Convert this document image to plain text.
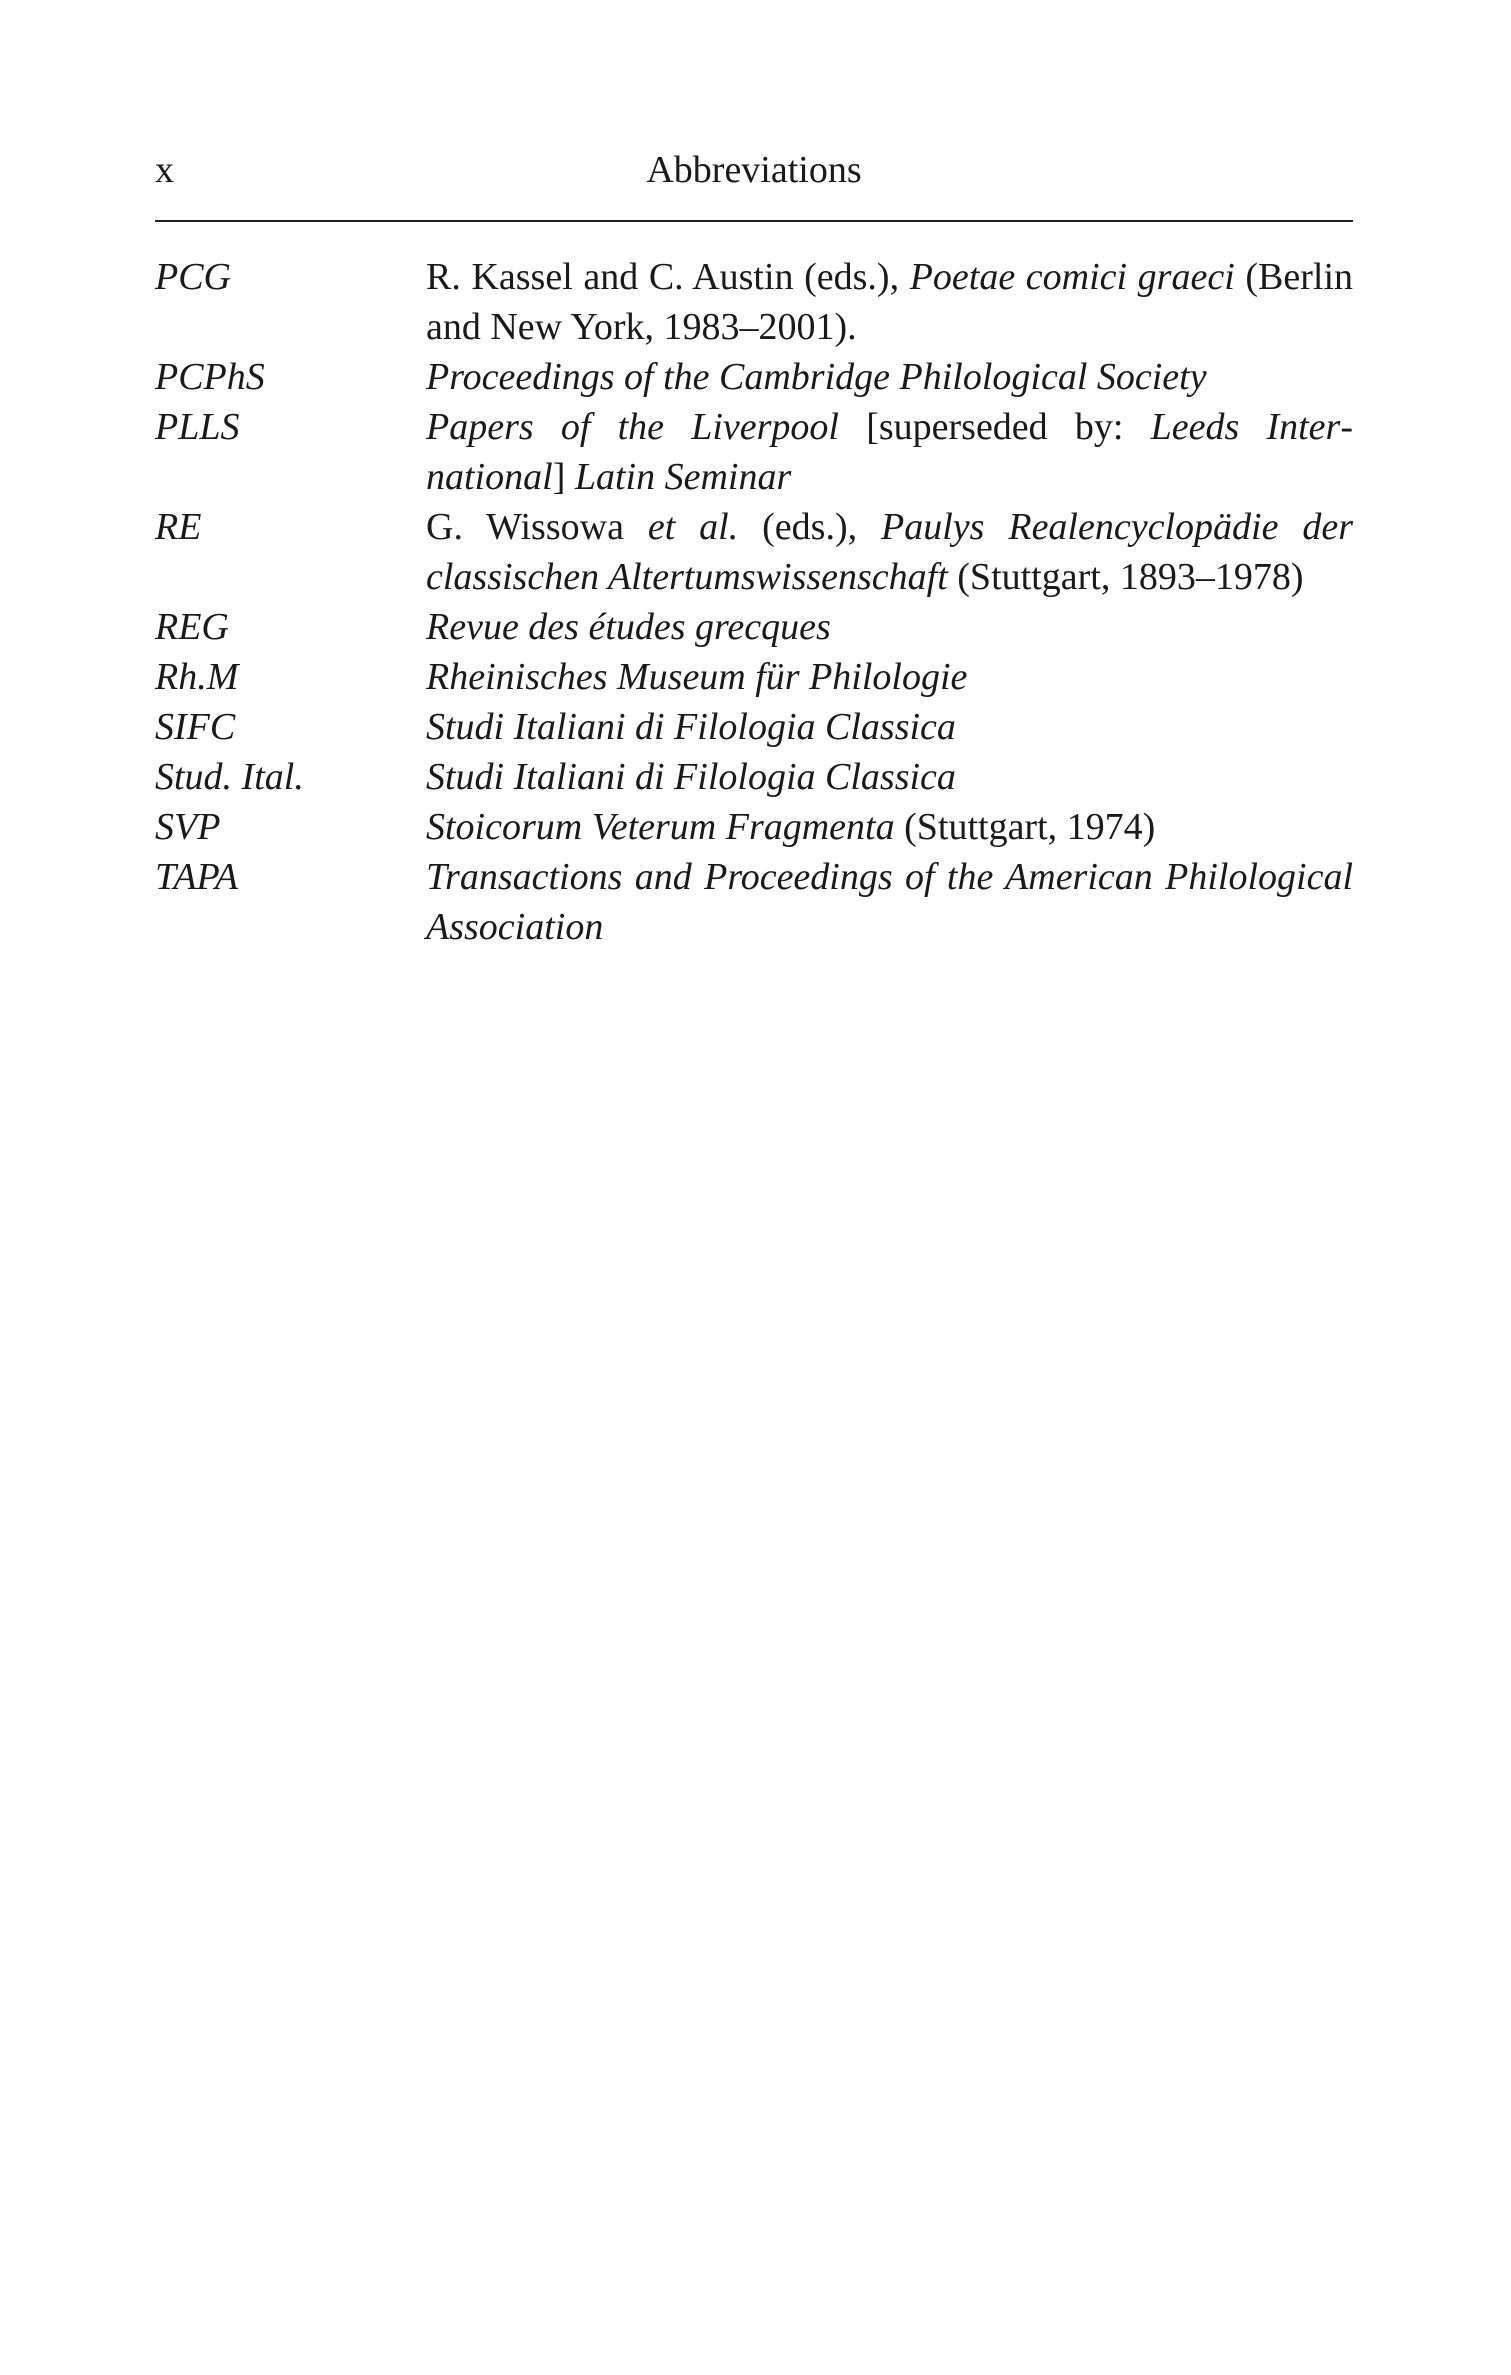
x	Abbreviations
PCG	R. Kassel and C. Austin (eds.), Poetae comici graeci (Berlin and New York, 1983–2001).
PCPhS	Proceedings of the Cambridge Philological Society
PLLS	Papers of the Liverpool [superseded by: Leeds International] Latin Seminar
RE	G. Wissowa et al. (eds.), Paulys Realencyclopädie der classischen Altertumswissenschaft (Stuttgart, 1893–1978)
REG	Revue des études grecques
Rh.M	Rheinisches Museum für Philologie
SIFC	Studi Italiani di Filologia Classica
Stud. Ital.	Studi Italiani di Filologia Classica
SVP	Stoicorum Veterum Fragmenta (Stuttgart, 1974)
TAPA	Transactions and Proceedings of the American Philological Association
